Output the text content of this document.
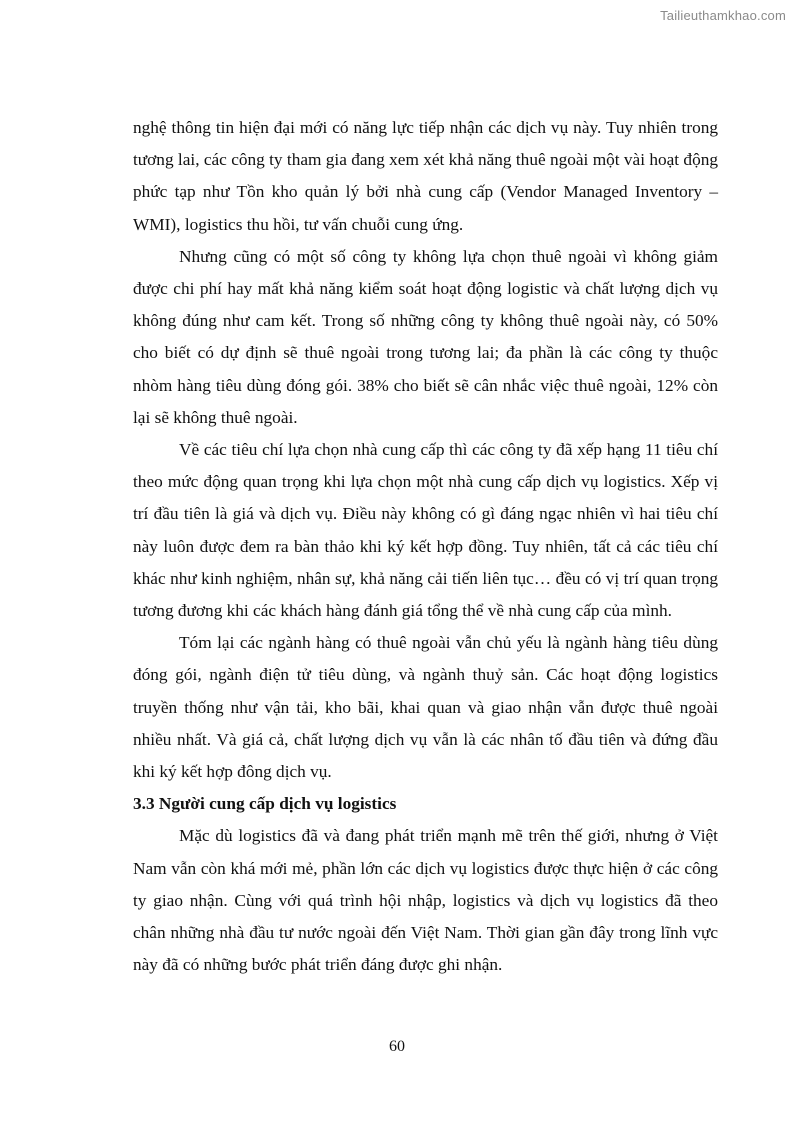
Tailieuthamkhao.com

nghệ thông tin hiện đại mới có năng lực tiếp nhận các dịch vụ này. Tuy nhiên trong tương lai, các công ty tham gia đang xem xét khả năng thuê ngoài một vài hoạt động phức tạp như Tồn kho quản lý bởi nhà cung cấp (Vendor Managed Inventory – WMI), logistics thu hồi, tư vấn chuỗi cung ứng.

Nhưng cũng có một số công ty không lựa chọn thuê ngoài vì không giảm được chi phí hay mất khả năng kiểm soát hoạt động logistic và chất lượng dịch vụ không đúng như cam kết. Trong số những công ty không thuê ngoài này, có 50% cho biết có dự định sẽ thuê ngoài trong tương lai; đa phần là các công ty thuộc nhòm hàng tiêu dùng đóng gói. 38% cho biết sẽ cân nhắc việc thuê ngoài, 12% còn lại sẽ không thuê ngoài.

Về các tiêu chí lựa chọn nhà cung cấp thì các công ty đã xếp hạng 11 tiêu chí theo mức động quan trọng khi lựa chọn một nhà cung cấp dịch vụ logistics. Xếp vị trí đầu tiên là giá và dịch vụ. Điều này không có gì đáng ngạc nhiên vì hai tiêu chí này luôn được đem ra bàn thảo khi ký kết hợp đồng. Tuy nhiên, tất cả các tiêu chí khác như kinh nghiệm, nhân sự, khả năng cải tiến liên tục… đều có vị trí quan trọng tương đương khi các khách hàng đánh giá tổng thể về nhà cung cấp của mình.

Tóm lại các ngành hàng có thuê ngoài vẫn chủ yếu là ngành hàng tiêu dùng đóng gói, ngành điện tử tiêu dùng, và ngành thuỷ sản. Các hoạt động logistics truyền thống như vận tải, kho bãi, khai quan và giao nhận vẫn được thuê ngoài nhiều nhất. Và giá cả, chất lượng dịch vụ vẫn là các nhân tố đầu tiên và đứng đầu khi ký kết hợp đông dịch vụ.

3.3 Người cung cấp dịch vụ logistics

Mặc dù logistics đã và đang phát triển mạnh mẽ trên thế giới, nhưng ở Việt Nam vẫn còn khá mới mẻ, phần lớn các dịch vụ logistics được thực hiện ở các công ty giao nhận. Cùng với quá trình hội nhập, logistics và dịch vụ logistics đã theo chân những nhà đầu tư nước ngoài đến Việt Nam. Thời gian gần đây trong lĩnh vực này đã có những bước phát triển đáng được ghi nhận.

60
